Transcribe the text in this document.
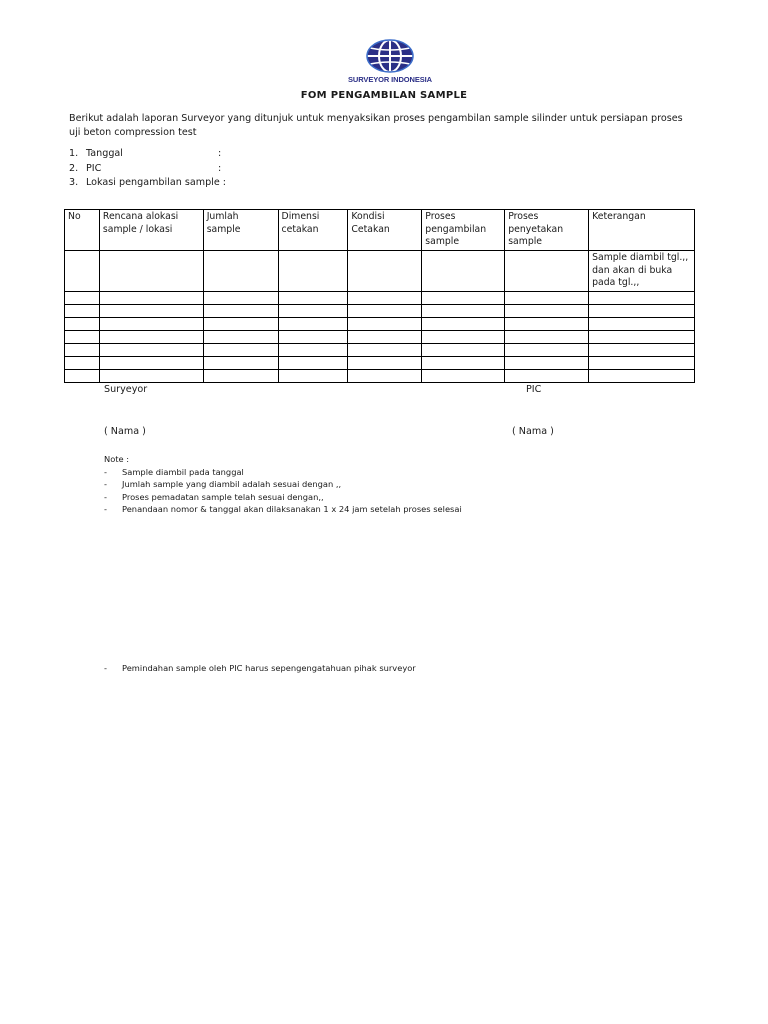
SURVEYOR INDONESIA
FOM PENGAMBILAN SAMPLE
Berikut adalah laporan Surveyor yang ditunjuk untuk menyaksikan proses pengambilan sample silinder untuk persiapan proses uji beton compression test
1. Tanggal	:
2. PIC	:
3. Lokasi pengambilan sample :
No	Rencana alokasi sample / lokasi	Jumlah sample	Dimensi cetakan	Kondisi Cetakan	Proses pengambilan sample	Proses penyetakan sample	Keterangan
							Sample diambil tgl.,, dan akan di buka pada tgl.,,

Suryeyor	PIC
( Nama )	( Nama )
Note :
-	Sample diambil pada tanggal
-	Jumlah sample yang diambil adalah sesuai dengan ,,
-	Proses pemadatan sample telah sesuai dengan,,
-	Penandaan nomor & tanggal akan dilaksanakan 1 x 24 jam setelah proses selesai
-	Pemindahan sample oleh PIC harus sepengengatahuan pihak surveyor
